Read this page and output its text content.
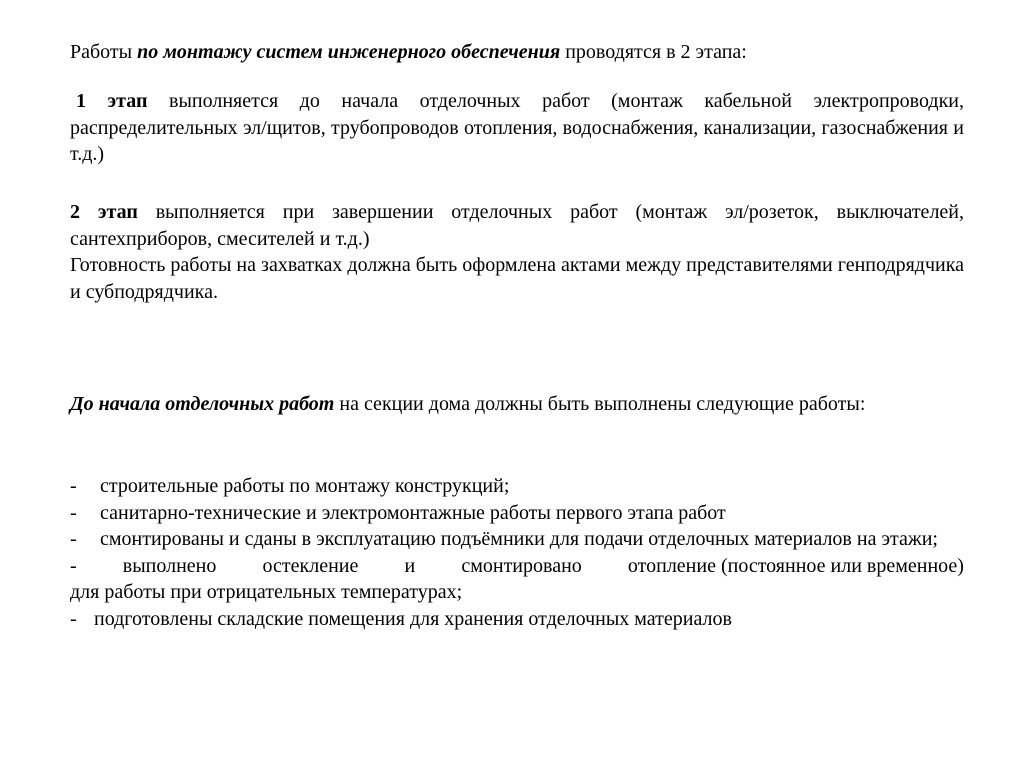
Работы по монтажу систем инженерного обеспечения проводятся в 2 этапа:

1 этап выполняется до начала отделочных работ (монтаж кабельной электропроводки, распределительных эл/щитов, трубопроводов отопления, водоснабжения, канализации, газоснабжения и т.д.)

2 этап выполняется при завершении отделочных работ (монтаж эл/розеток, выключателей, сантехприборов, смесителей и т.д.)

Готовность работы на захватках должна быть оформлена актами между представителями генподрядчика и субподрядчика.

До начала отделочных работ на секции дома должны быть выполнены следующие работы:

- строительные работы по монтажу конструкций;
- санитарно-технические и электромонтажные работы первого этапа работ
- смонтированы и сданы в эксплуатацию подъёмники для подачи отделочных материалов на этажи;
- выполнено остекление и смонтировано отопление (постоянное или временное)
для работы при отрицательных температурах;
- подготовлены складские помещения для хранения отделочных материалов
